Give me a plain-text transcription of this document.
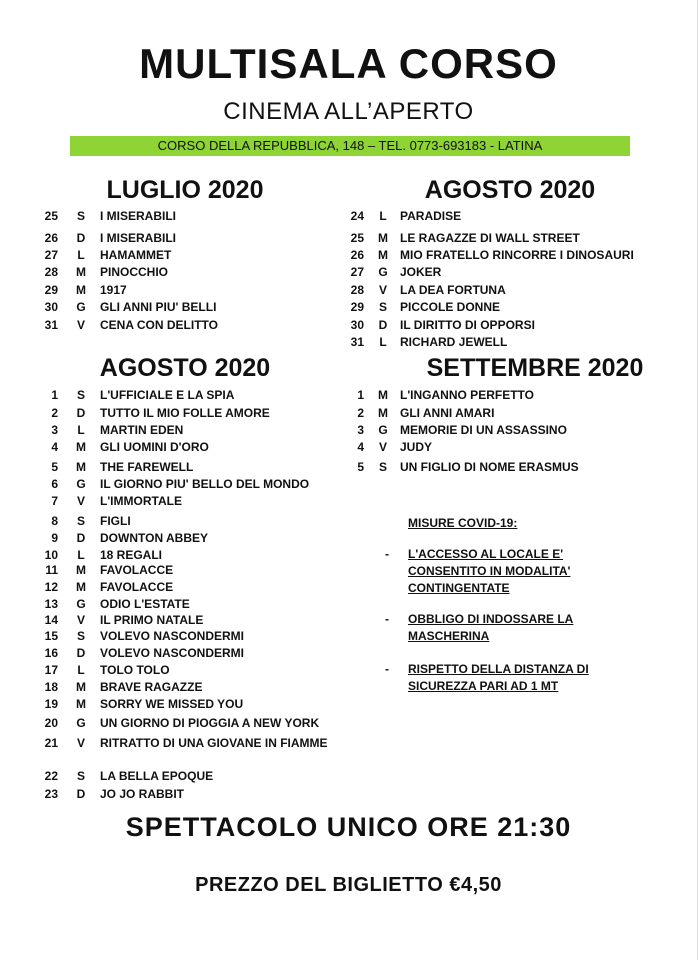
MULTISALA CORSO
CINEMA ALL’APERTO
CORSO DELLA REPUBBLICA, 148 – TEL. 0773-693183 - LATINA
LUGLIO 2020	AGOSTO 2020
AGOSTO 2020	SETTEMBRE 2020
25 S I MISERABILI
26 D I MISERABILI
27 L HAMAMMET
28 M PINOCCHIO
29 M 1917
30 G GLI ANNI PIU' BELLI
31 V CENA CON DELITTO
24 L PARADISE
25 M LE RAGAZZE DI WALL STREET
26 M MIO FRATELLO RINCORRE I DINOSAURI
27 G JOKER
28 V LA DEA FORTUNA
29 S PICCOLE DONNE
30 D IL DIRITTO DI OPPORSI
31 L RICHARD JEWELL
1 S L'UFFICIALE E LA SPIA
2 D TUTTO IL MIO FOLLE AMORE
3 L MARTIN EDEN
4 M GLI UOMINI D'ORO
5 M THE FAREWELL
6 G IL GIORNO PIU' BELLO DEL MONDO
7 V L'IMMORTALE
8 S FIGLI
9 D DOWNTON ABBEY
10 L 18 REGALI
11 M FAVOLACCE
12 M FAVOLACCE
13 G ODIO L'ESTATE
14 V IL PRIMO NATALE
15 S VOLEVO NASCONDERMI
16 D VOLEVO NASCONDERMI
17 L TOLO TOLO
18 M BRAVE RAGAZZE
19 M SORRY WE MISSED YOU
20 G UN GIORNO DI PIOGGIA A NEW YORK
21 V RITRATTO DI UNA GIOVANE IN FIAMME
22 S LA BELLA EPOQUE
23 D JO JO RABBIT
1 M L'INGANNO PERFETTO
2 M GLI ANNI AMARI
3 G MEMORIE DI UN ASSASSINO
4 V JUDY
5 S UN FIGLIO DI NOME ERASMUS
MISURE COVID-19:
- L'ACCESSO AL LOCALE E' CONSENTITO IN MODALITA' CONTINGENTATE
- OBBLIGO DI INDOSSARE LA MASCHERINA
- RISPETTO DELLA DISTANZA DI SICUREZZA PARI AD 1 MT
SPETTACOLO UNICO ORE 21:30
PREZZO DEL BIGLIETTO €4,50
